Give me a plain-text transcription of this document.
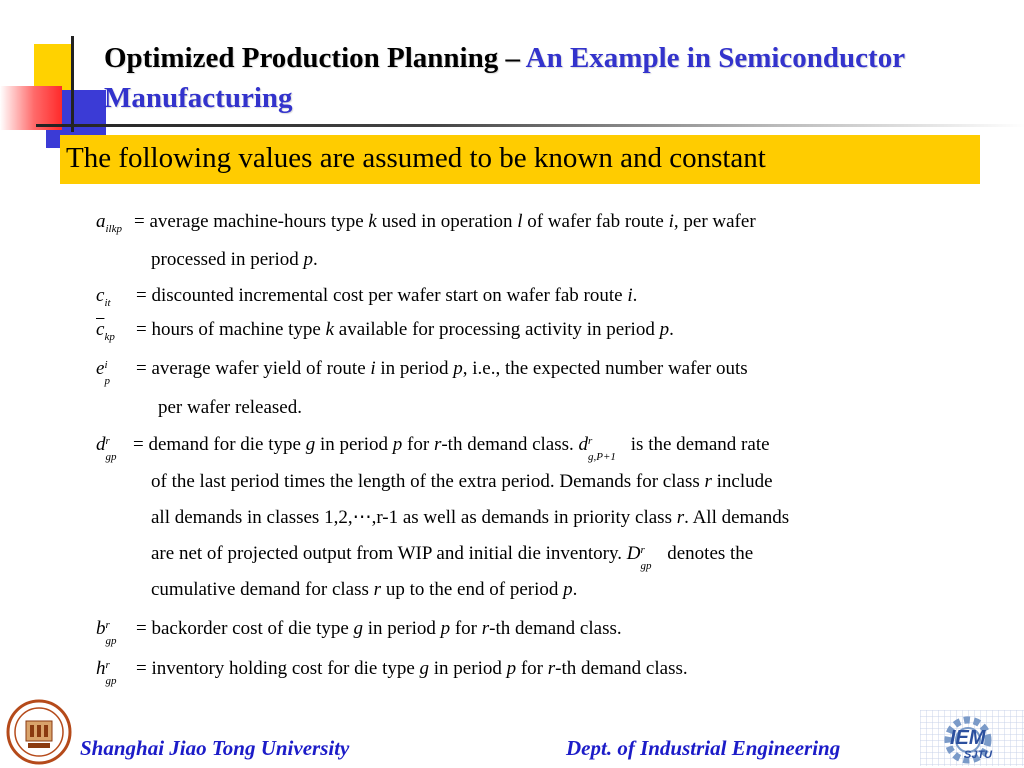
Optimized Production Planning – An Example in Semiconductor Manufacturing
The following values are assumed to be known and constant
$a_{ilkp}$ = average machine-hours type k used in operation l of wafer fab route i, per wafer
processed in period p.
$c_{it}$ = discounted incremental cost per wafer start on wafer fab route i.
$\overline{c}_{kp}$ = hours of machine type k available for processing activity in period p.
e i
p
= average wafer yield of route i in period p, i.e., the expected number wafer outs
per wafer released.
d r
gp
= demand for die type g in period p for r-th demand class. d r
g,P+1
is the demand rate
of the last period times the length of the extra period. Demands for class r include
all demands in classes 1,2,⋯,r-1 as well as demands in priority class r. All demands
are net of projected output from WIP and initial die inventory. D r
gp
denotes the
cumulative demand for class r up to the end of period p.
b r
gp
= backorder cost of die type g in period p for r-th demand class.
h r
gp
= inventory holding cost for die type g in period p for r-th demand class.
Shanghai Jiao Tong University	Dept. of Industrial Engineering	IEM
SJTU
